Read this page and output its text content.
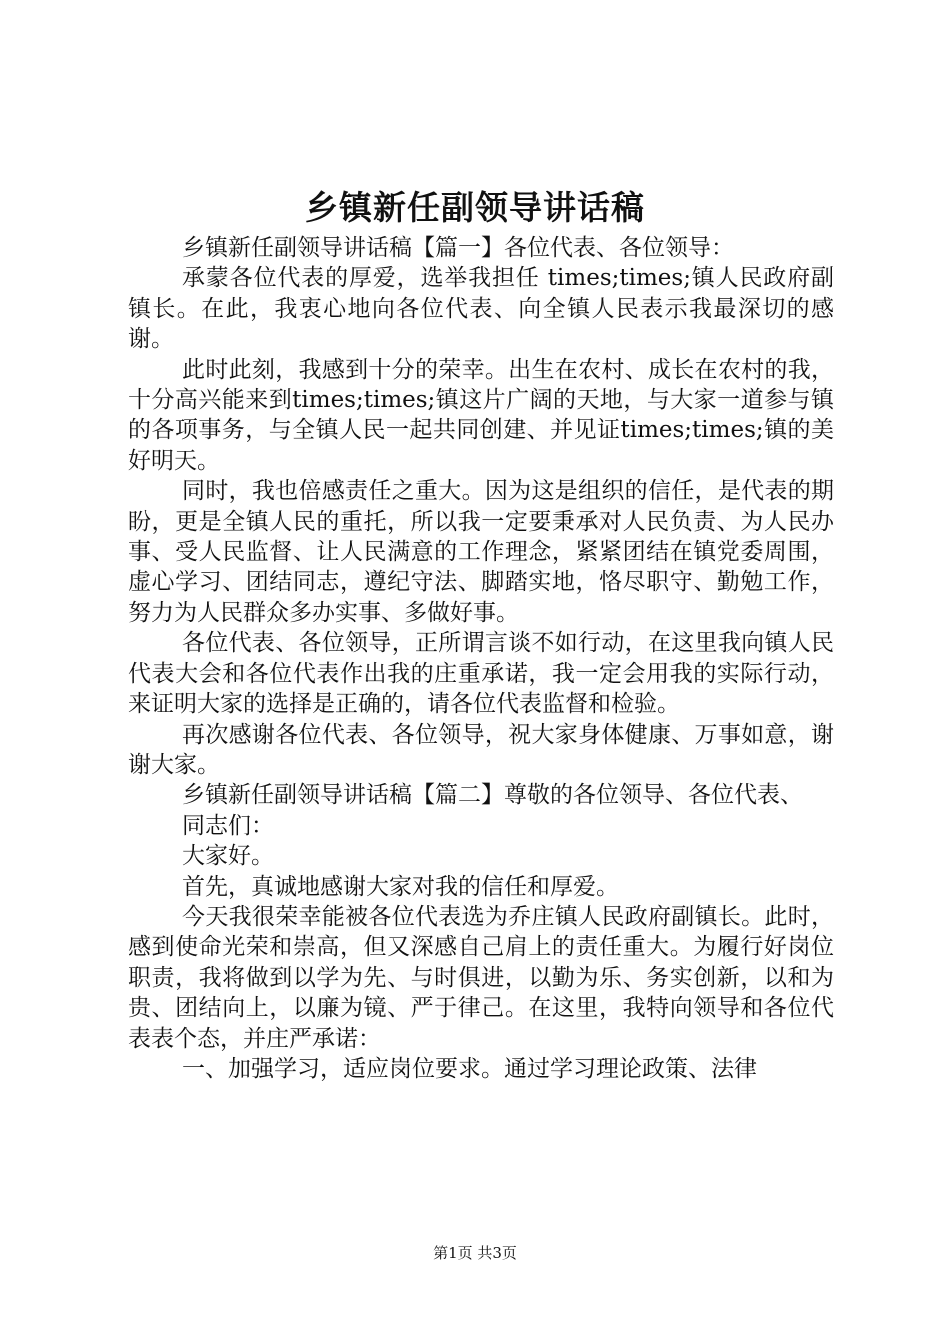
乡镇新任副领导讲话稿

乡镇新任副领导讲话稿【篇一】各位代表、各位领导：

承蒙各位代表的厚爱，选举我担任 times;times;镇人民政府副镇长。在此，我衷心地向各位代表、向全镇人民表示我最深切的感谢。

此时此刻，我感到十分的荣幸。出生在农村、成长在农村的我，十分高兴能来到times;times;镇这片广阔的天地，与大家一道参与镇的各项事务，与全镇人民一起共同创建、并见证times;times;镇的美好明天。

同时，我也倍感责任之重大。因为这是组织的信任，是代表的期盼，更是全镇人民的重托，所以我一定要秉承对人民负责、为人民办事、受人民监督、让人民满意的工作理念，紧紧团结在镇党委周围，虚心学习、团结同志，遵纪守法、脚踏实地，恪尽职守、勤勉工作，努力为人民群众多办实事、多做好事。

各位代表、各位领导，正所谓言谈不如行动，在这里我向镇人民代表大会和各位代表作出我的庄重承诺，我一定会用我的实际行动，来证明大家的选择是正确的，请各位代表监督和检验。

再次感谢各位代表、各位领导，祝大家身体健康、万事如意，谢谢大家。

乡镇新任副领导讲话稿【篇二】尊敬的各位领导、各位代表、

同志们：

大家好。

首先，真诚地感谢大家对我的信任和厚爱。

今天我很荣幸能被各位代表选为乔庄镇人民政府副镇长。此时，感到使命光荣和崇高，但又深感自己肩上的责任重大。为履行好岗位职责，我将做到以学为先、与时俱进，以勤为乐、务实创新，以和为贵、团结向上，以廉为镜、严于律己。在这里，我特向领导和各位代表表个态，并庄严承诺：

一、加强学习，适应岗位要求。通过学习理论政策、法律

第1页 共3页
